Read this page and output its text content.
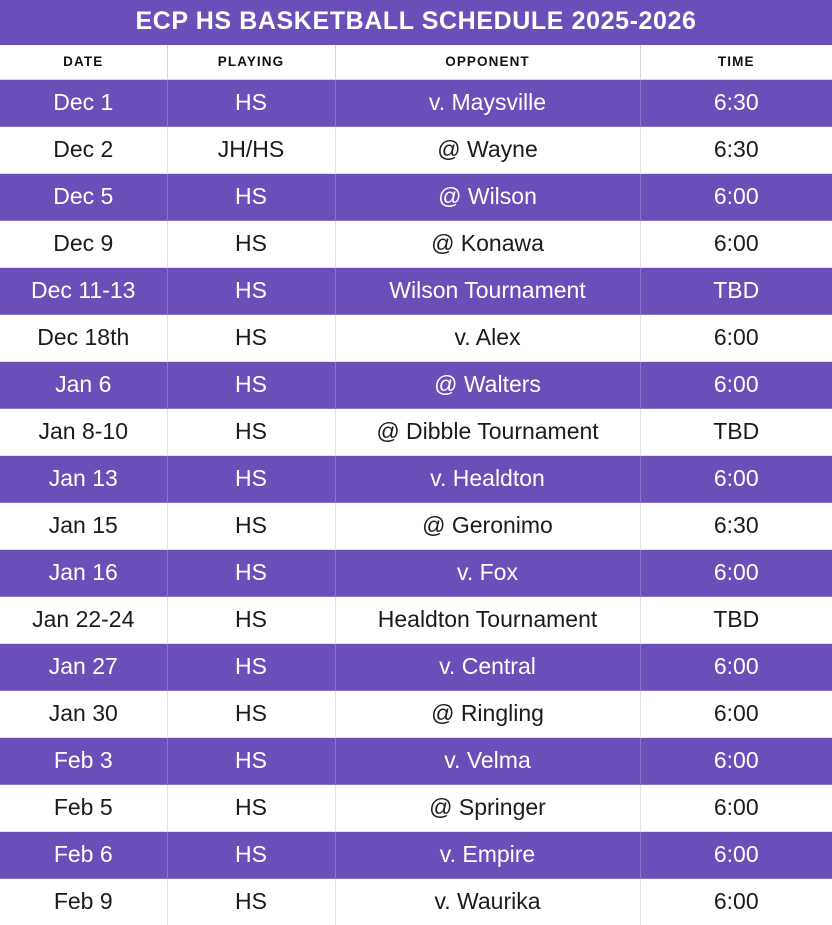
ECP HS BASKETBALL SCHEDULE 2025-2026
DATE	PLAYING	OPPONENT	TIME
Dec 1	HS	v. Maysville	6:30
Dec 2	JH/HS	@ Wayne	6:30
Dec 5	HS	@ Wilson	6:00
Dec 9	HS	@ Konawa	6:00
Dec 11-13	HS	Wilson Tournament	TBD
Dec 18th	HS	v. Alex	6:00
Jan 6	HS	@ Walters	6:00
Jan 8-10	HS	@ Dibble Tournament	TBD
Jan 13	HS	v. Healdton	6:00
Jan 15	HS	@ Geronimo	6:30
Jan 16	HS	v. Fox	6:00
Jan 22-24	HS	Healdton Tournament	TBD
Jan 27	HS	v. Central	6:00
Jan 30	HS	@ Ringling	6:00
Feb 3	HS	v. Velma	6:00
Feb 5	HS	@ Springer	6:00
Feb 6	HS	v. Empire	6:00
Feb 9	HS	v. Waurika	6:00
